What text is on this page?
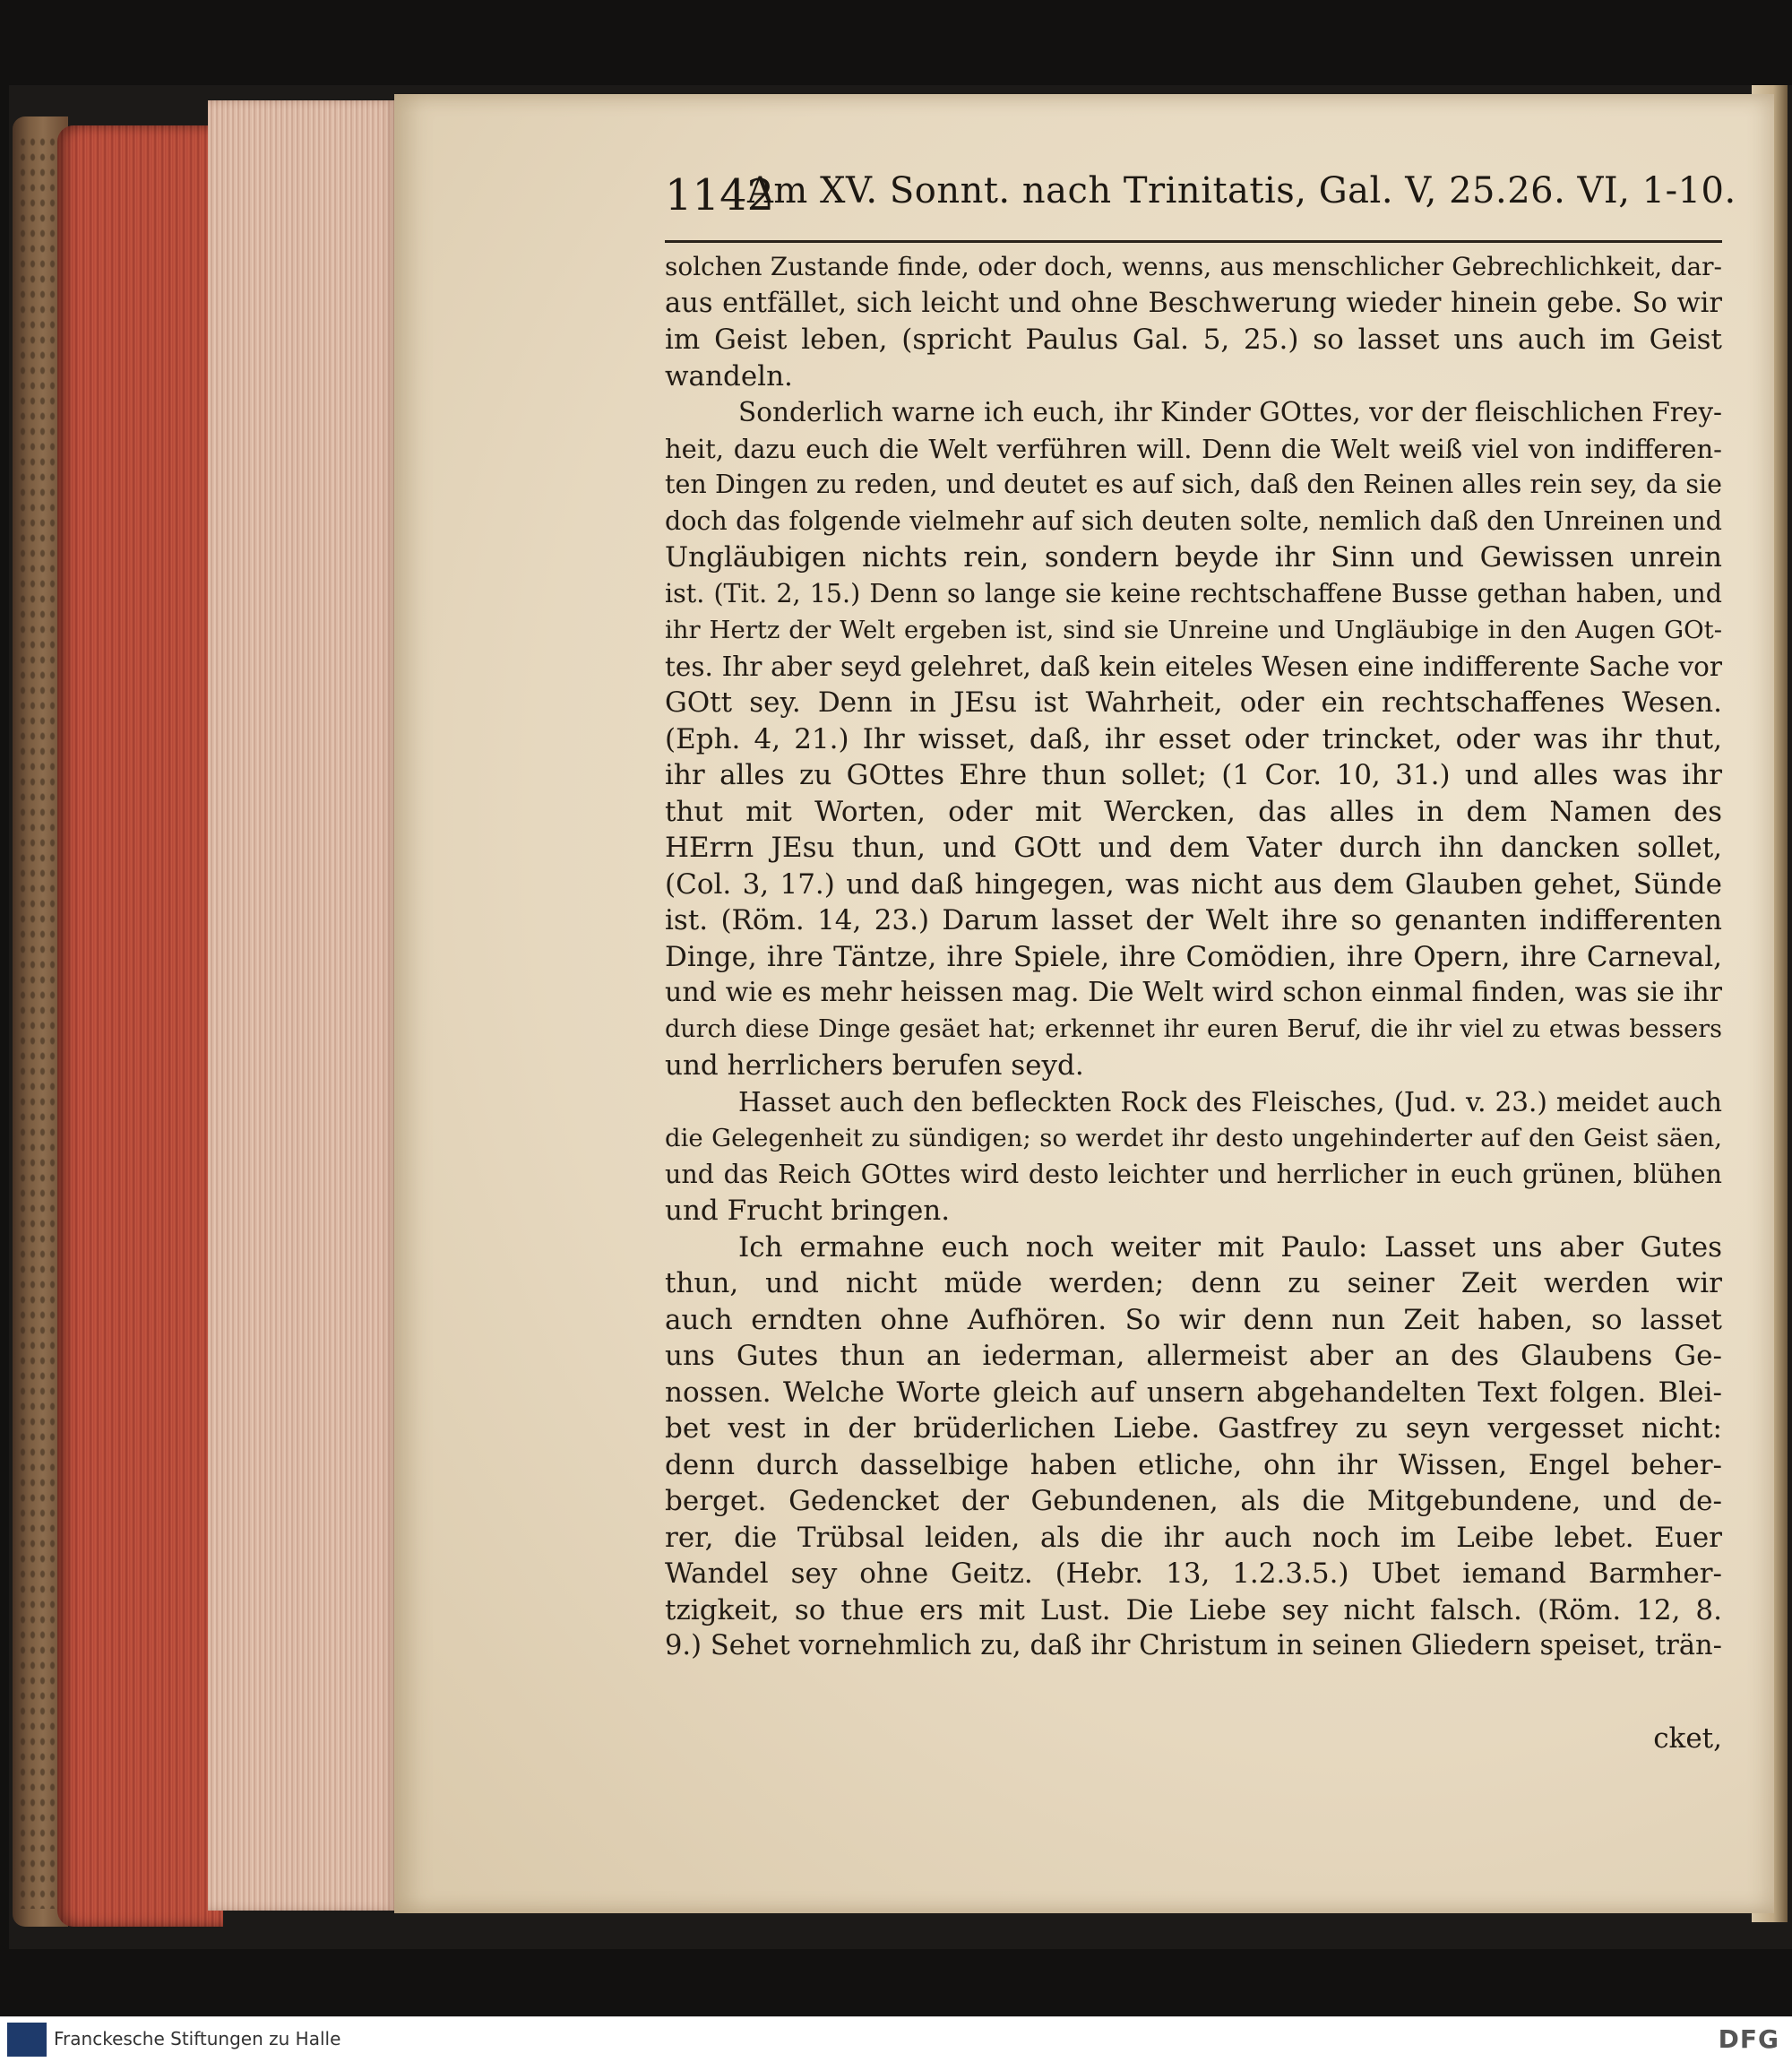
1142
Am XV. Sonnt. nach Trinitatis, Gal. V, 25.26. VI, 1-10.
solchen Zustande finde, oder doch, wenns, aus menschlicher Gebrechlichkeit, dar-
aus entfället, sich leicht und ohne Beschwerung wieder hinein gebe. So wir
im Geist leben, (spricht Paulus Gal. 5, 25.) so lasset uns auch im Geist
wandeln.
Sonderlich warne ich euch, ihr Kinder GOttes, vor der fleischlichen Frey-
heit, dazu euch die Welt verführen will. Denn die Welt weiß viel von indifferen-
ten Dingen zu reden, und deutet es auf sich, daß den Reinen alles rein sey, da sie
doch das folgende vielmehr auf sich deuten solte, nemlich daß den Unreinen und
Ungläubigen nichts rein, sondern beyde ihr Sinn und Gewissen unrein
ist. (Tit. 2, 15.) Denn so lange sie keine rechtschaffene Busse gethan haben, und
ihr Hertz der Welt ergeben ist, sind sie Unreine und Ungläubige in den Augen GOt-
tes. Ihr aber seyd gelehret, daß kein eiteles Wesen eine indifferente Sache vor
GOtt sey. Denn in JEsu ist Wahrheit, oder ein rechtschaffenes Wesen.
(Eph. 4, 21.) Ihr wisset, daß, ihr esset oder trincket, oder was ihr thut,
ihr alles zu GOttes Ehre thun sollet; (1 Cor. 10, 31.) und alles was ihr
thut mit Worten, oder mit Wercken, das alles in dem Namen des
HErrn JEsu thun, und GOtt und dem Vater durch ihn dancken sollet,
(Col. 3, 17.) und daß hingegen, was nicht aus dem Glauben gehet, Sünde
ist. (Röm. 14, 23.) Darum lasset der Welt ihre so genanten indifferenten
Dinge, ihre Täntze, ihre Spiele, ihre Comödien, ihre Opern, ihre Carneval,
und wie es mehr heissen mag. Die Welt wird schon einmal finden, was sie ihr
durch diese Dinge gesäet hat; erkennet ihr euren Beruf, die ihr viel zu etwas bessers
und herrlichers berufen seyd.
Hasset auch den befleckten Rock des Fleisches, (Jud. v. 23.) meidet auch
die Gelegenheit zu sündigen; so werdet ihr desto ungehinderter auf den Geist säen,
und das Reich GOttes wird desto leichter und herrlicher in euch grünen, blühen
und Frucht bringen.
Ich ermahne euch noch weiter mit Paulo: Lasset uns aber Gutes
thun, und nicht müde werden; denn zu seiner Zeit werden wir
auch erndten ohne Aufhören. So wir denn nun Zeit haben, so lasset
uns Gutes thun an iederman, allermeist aber an des Glaubens Ge-
nossen. Welche Worte gleich auf unsern abgehandelten Text folgen. Blei-
bet vest in der brüderlichen Liebe. Gastfrey zu seyn vergesset nicht:
denn durch dasselbige haben etliche, ohn ihr Wissen, Engel beher-
berget. Gedencket der Gebundenen, als die Mitgebundene, und de-
rer, die Trübsal leiden, als die ihr auch noch im Leibe lebet. Euer
Wandel sey ohne Geitz. (Hebr. 13, 1.2.3.5.) Ubet iemand Barmher-
tzigkeit, so thue ers mit Lust. Die Liebe sey nicht falsch. (Röm. 12, 8.
9.) Sehet vornehmlich zu, daß ihr Christum in seinen Gliedern speiset, trän-
cket,
Franckesche Stiftungen zu Halle	DFG
